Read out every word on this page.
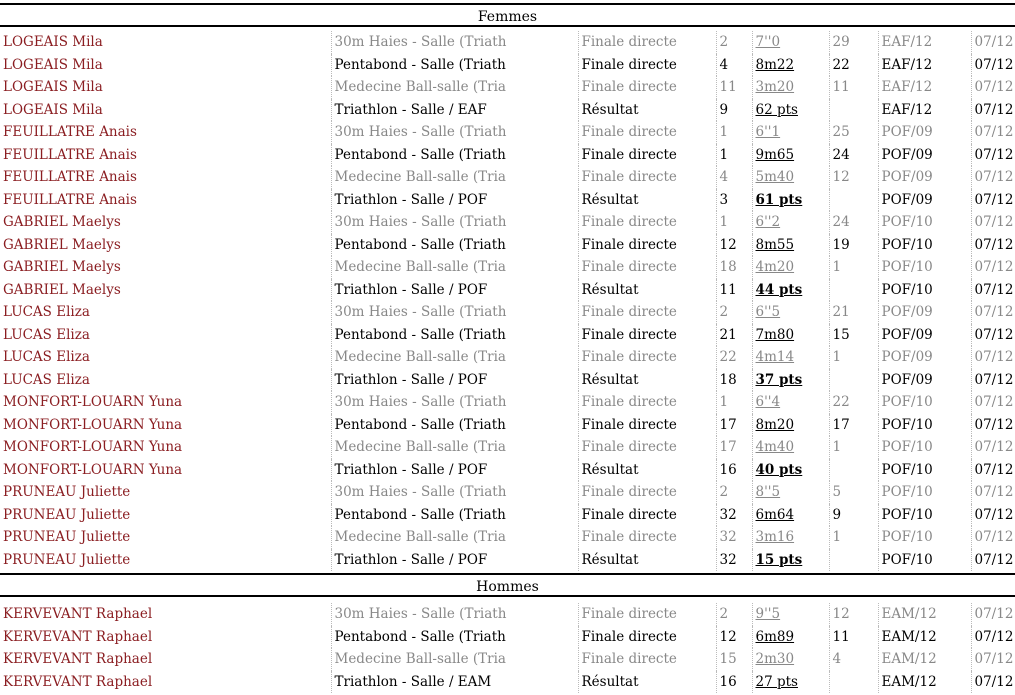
Femmes
LOGEAIS Mila	30m Haies - Salle (Triath	Finale directe	2	7''0	29	EAF/12	07/12
LOGEAIS Mila	Pentabond - Salle (Triath	Finale directe	4	8m22	22	EAF/12	07/12
LOGEAIS Mila	Medecine Ball-salle (Tria	Finale directe	11	3m20	11	EAF/12	07/12
LOGEAIS Mila	Triathlon - Salle / EAF	Résultat	9	62 pts		EAF/12	07/12
FEUILLATRE Anais	30m Haies - Salle (Triath	Finale directe	1	6''1	25	POF/09	07/12
FEUILLATRE Anais	Pentabond - Salle (Triath	Finale directe	1	9m65	24	POF/09	07/12
FEUILLATRE Anais	Medecine Ball-salle (Tria	Finale directe	4	5m40	12	POF/09	07/12
FEUILLATRE Anais	Triathlon - Salle / POF	Résultat	3	61 pts		POF/09	07/12
GABRIEL Maelys	30m Haies - Salle (Triath	Finale directe	1	6''2	24	POF/10	07/12
GABRIEL Maelys	Pentabond - Salle (Triath	Finale directe	12	8m55	19	POF/10	07/12
GABRIEL Maelys	Medecine Ball-salle (Tria	Finale directe	18	4m20	1	POF/10	07/12
GABRIEL Maelys	Triathlon - Salle / POF	Résultat	11	44 pts		POF/10	07/12
LUCAS Eliza	30m Haies - Salle (Triath	Finale directe	2	6''5	21	POF/09	07/12
LUCAS Eliza	Pentabond - Salle (Triath	Finale directe	21	7m80	15	POF/09	07/12
LUCAS Eliza	Medecine Ball-salle (Tria	Finale directe	22	4m14	1	POF/09	07/12
LUCAS Eliza	Triathlon - Salle / POF	Résultat	18	37 pts		POF/09	07/12
MONFORT-LOUARN Yuna	30m Haies - Salle (Triath	Finale directe	1	6''4	22	POF/10	07/12
MONFORT-LOUARN Yuna	Pentabond - Salle (Triath	Finale directe	17	8m20	17	POF/10	07/12
MONFORT-LOUARN Yuna	Medecine Ball-salle (Tria	Finale directe	17	4m40	1	POF/10	07/12
MONFORT-LOUARN Yuna	Triathlon - Salle / POF	Résultat	16	40 pts		POF/10	07/12
PRUNEAU Juliette	30m Haies - Salle (Triath	Finale directe	2	8''5	5	POF/10	07/12
PRUNEAU Juliette	Pentabond - Salle (Triath	Finale directe	32	6m64	9	POF/10	07/12
PRUNEAU Juliette	Medecine Ball-salle (Tria	Finale directe	32	3m16	1	POF/10	07/12
PRUNEAU Juliette	Triathlon - Salle / POF	Résultat	32	15 pts		POF/10	07/12
Hommes
KERVEVANT Raphael	30m Haies - Salle (Triath	Finale directe	2	9''5	12	EAM/12	07/12
KERVEVANT Raphael	Pentabond - Salle (Triath	Finale directe	12	6m89	11	EAM/12	07/12
KERVEVANT Raphael	Medecine Ball-salle (Tria	Finale directe	15	2m30	4	EAM/12	07/12
KERVEVANT Raphael	Triathlon - Salle / EAM	Résultat	16	27 pts		EAM/12	07/12
